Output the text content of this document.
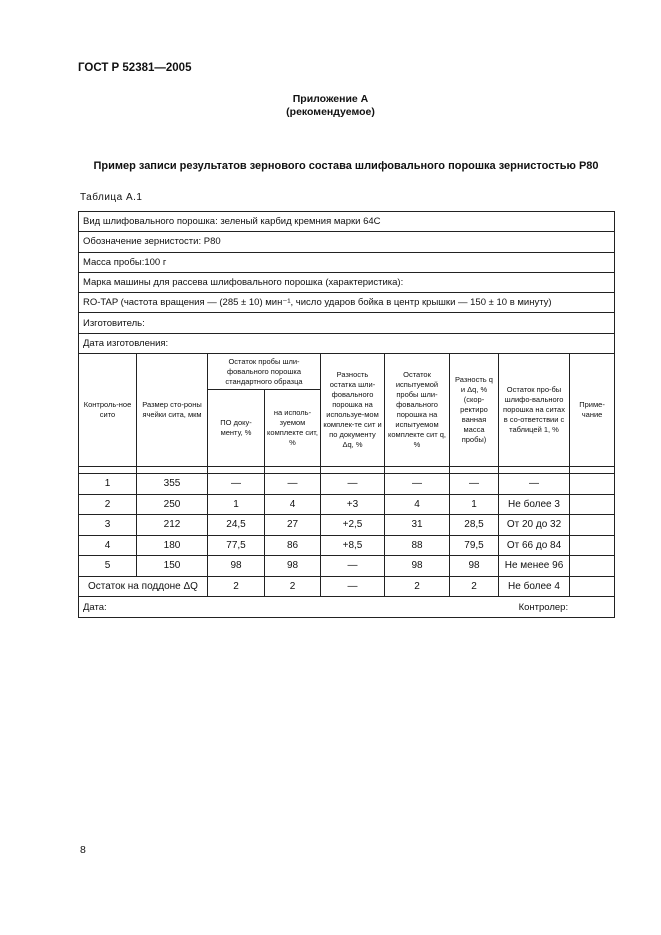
ГОСТ Р 52381—2005
Приложение А
(рекомендуемое)
Пример записи результатов зернового состава шлифовального порошка зернистостью Р80
Таблица А.1
Вид шлифовального порошка: зеленый карбид кремния марки 64С								
Обозначение зернистости: Р80								
Масса пробы:100 г								
Марка машины для рассева шлифовального порошка (характеристика):								
RO-TAP (частота вращения — (285 ± 10) мин⁻¹, число ударов бойка в центр крышки — 150 ± 10 в минуту)								
Изготовитель:								
Дата изготовления:								
Контроль-ное сито	Размер сто-роны ячейки сита, мкм	Остаток пробы шли-фовального порошка стандартного образца		Разность остатка шли-фовального порошка на используе-мом комплек-те сит и по документу Δq, %	Остаток испытуемой пробы шли-фовального порошка на испытуемом комплекте сит q, %	Разность q и Δq, % (скор-ректиро ванная масса пробы)	Остаток про-бы шлифо-вального порошка на ситах в со-ответствии с таблицей 1, %	Приме-чание
		ПО доку-менту, %	на исполь-зуемом комплекте сит, %					

1	355	—	—	—	—	—	—	
2	250	1	4	+3	4	1	Не более 3	
3	212	24,5	27	+2,5	31	28,5	От 20 до 32	
4	180	77,5	86	+8,5	88	79,5	От 66 до 84	
5	150	98	98	—	98	98	Не менее 96	
Остаток на поддоне ΔQ		2	2	—	2	2	Не более 4	
Дата: Контролер:								
8
